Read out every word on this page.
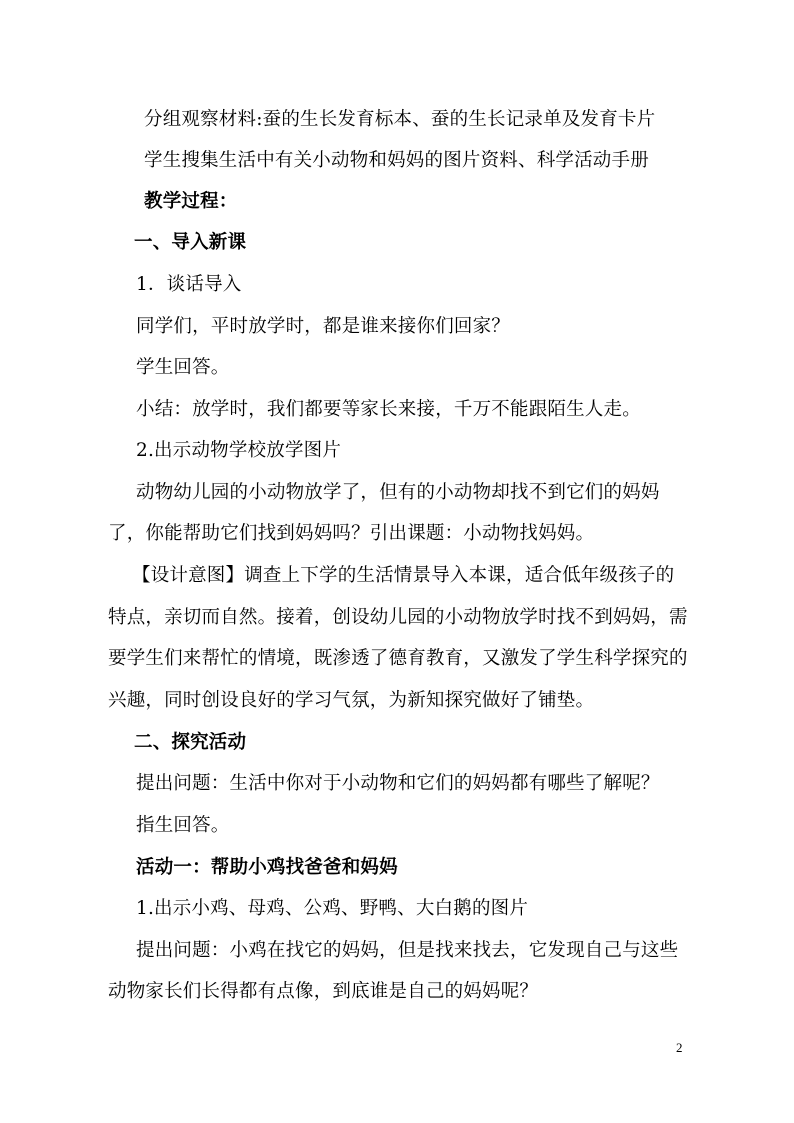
分组观察材料:蚕的生长发育标本、蚕的生长记录单及发育卡片
学生搜集生活中有关小动物和妈妈的图片资料、科学活动手册
教学过程：
一、导入新课
1．谈话导入
同学们，平时放学时，都是谁来接你们回家？
学生回答。
小结：放学时，我们都要等家长来接，千万不能跟陌生人走。
2.出示动物学校放学图片
动物幼儿园的小动物放学了，但有的小动物却找不到它们的妈妈
了，你能帮助它们找到妈妈吗？引出课题：小动物找妈妈。
【设计意图】调查上下学的生活情景导入本课，适合低年级孩子的
特点，亲切而自然。接着，创设幼儿园的小动物放学时找不到妈妈，需
要学生们来帮忙的情境，既渗透了德育教育，又激发了学生科学探究的
兴趣，同时创设良好的学习气氛，为新知探究做好了铺垫。
二、探究活动
提出问题：生活中你对于小动物和它们的妈妈都有哪些了解呢？
指生回答。
活动一：帮助小鸡找爸爸和妈妈
1.出示小鸡、母鸡、公鸡、野鸭、大白鹅的图片
提出问题：小鸡在找它的妈妈，但是找来找去，它发现自己与这些
动物家长们长得都有点像，到底谁是自己的妈妈呢？
2
